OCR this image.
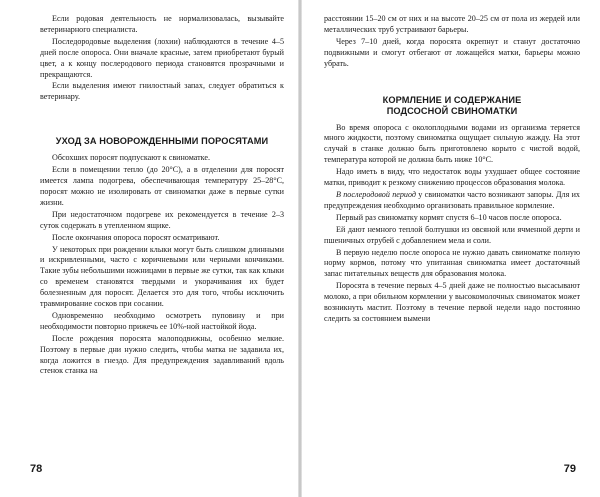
Если родовая деятельность не нормализовалась, вызывайте ветеринарного специалиста.

Последородовые выделения (лохии) наблюдаются в течение 4–5 дней после опороса. Они вначале красные, затем приобретают бурый цвет, а к концу послеродового периода становятся прозрачными и прекращаются.

Если выделения имеют гнилостный запах, следует обратиться к ветеринару.

УХОД ЗА НОВОРОЖДЕННЫМИ ПОРОСЯТАМИ

Обсохших поросят подпускают к свиноматке.

Если в помещении тепло (до 20°С), а в отделении для поросят имеется лампа подогрева, обеспечивающая температуру 25–28°С, поросят можно не изолировать от свиноматки даже в первые сутки жизни.

При недостаточном подогреве их рекомендуется в течение 2–3 суток содержать в утепленном ящике.

После окончания опороса поросят осматривают.

У некоторых при рождении клыки могут быть слишком длинными и искривленными, часто с коричневыми или черными кончиками. Такие зубы небольшими ножницами в первые же сутки, так как клыки со временем становятся твердыми и укорачивания их будет болезненным для поросят. Делается это для того, чтобы исключить травмирование сосков при сосании.

Одновременно необходимо осмотреть пуповину и при необходимости повторно прижечь ее 10%-ной настойкой йода.

После рождения поросята малоподвижны, особенно мелкие. Поэтому в первые дни нужно следить, чтобы матка не задавила их, когда ложится в гнездо. Для предупреждения задавливаний вдоль стенок станка на

78

расстоянии 15–20 см от них и на высоте 20–25 см от пола из жердей или металлических труб устраивают барьеры.

Через 7–10 дней, когда поросята окрепнут и станут достаточно подвижными и смогут отбегают от ложащейся матки, барьеры можно убрать.

КОРМЛЕНИЕ И СОДЕРЖАНИЕ
ПОДСОСНОЙ СВИНОМАТКИ

Во время опороса с околоплодными водами из организма теряется много жидкости, поэтому свиноматка ощущает сильную жажду. На этот случай в станке должно быть приготовлено корыто с чистой водой, температура которой не должна быть ниже 10°С.

Надо иметь в виду, что недостаток воды ухудшает общее состояние матки, приводит к резкому снижению процессов образования молока.

В послеродовой период у свиноматки часто возникают запоры. Для их предупреждения необходимо организовать правильное кормление.

Первый раз свиноматку кормят спустя 6–10 часов после опороса.

Ей дают немного теплой болтушки из овсяной или ячменной дерти и пшеничных отрубей с добавлением мела и соли.

В первую неделю после опороса не нужно давать свиноматке полную норму кормов, потому что упитанная свиноматка имеет достаточный запас питательных веществ для образования молока.

Поросята в течение первых 4–5 дней даже не полностью высасывают молоко, а при обильном кормлении у высокомолочных свиноматок может возникнуть мастит. Поэтому в течение первой недели надо постоянно следить за состоянием вымени

79
